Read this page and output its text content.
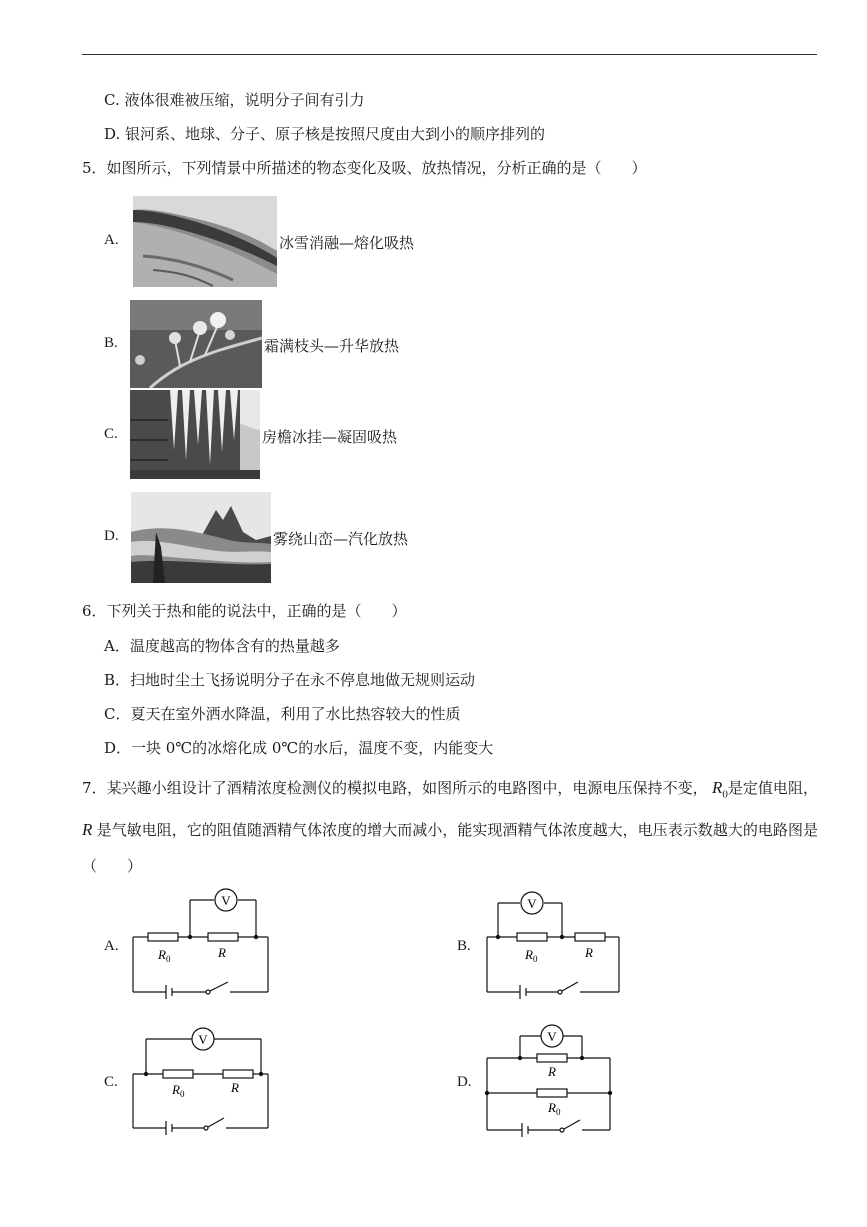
C. 液体很难被压缩，说明分子间有引力
D. 银河系、地球、分子、原子核是按照尺度由大到小的顺序排列的
5．如图所示，下列情景中所描述的物态变化及吸、放热情况，分析正确的是（　　）
A.	冰雪消融—熔化吸热
B.	霜满枝头—升华放热
C.	房檐冰挂—凝固吸热
D.	雾绕山峦—汽化放热
6．下列关于热和能的说法中，正确的是（　　）
A．温度越高的物体含有的热量越多
B．扫地时尘土飞扬说明分子在永不停息地做无规则运动
C．夏天在室外洒水降温，利用了水比热容较大的性质
D．一块 0℃的冰熔化成 0℃的水后，温度不变，内能变大
7．某兴趣小组设计了酒精浓度检测仪的模拟电路，如图所示的电路图中，电源电压保持不变， $R_0$是定值电阻， R 是气敏电阻，它的阻值随酒精气体浓度的增大而减小，能实现酒精气体浓度越大，电压表示数越大的电路图是（　　）
A.
V
$R_0$	R	B.
V
$R_0$	R
C.
V
$R_0$	R	D.
V
R
$R_0$
